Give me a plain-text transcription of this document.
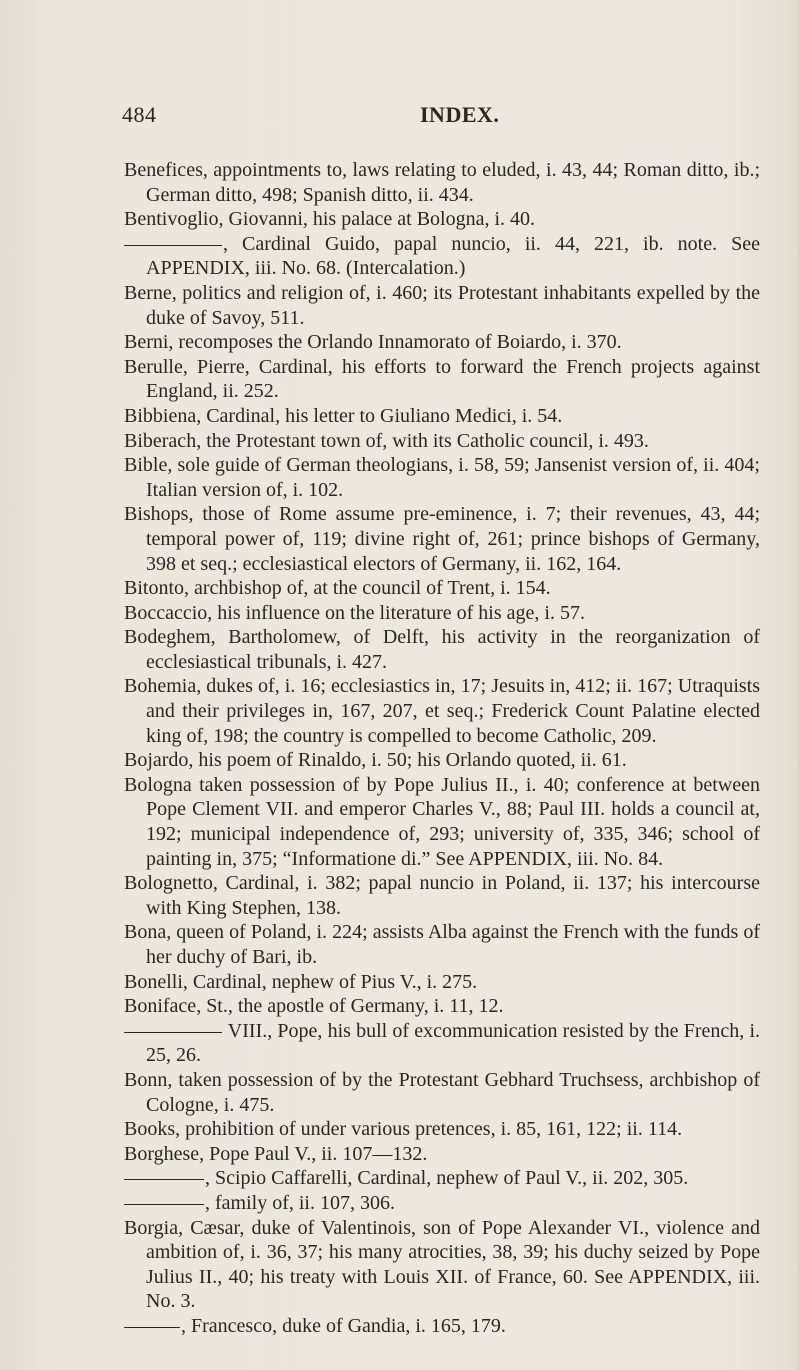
484	INDEX.

Benefices, appointments to, laws relating to eluded, i. 43, 44; Roman ditto, ib.; German ditto, 498; Spanish ditto, ii. 434.

Bentivoglio, Giovanni, his palace at Bologna, i. 40.

, Cardinal Guido, papal nuncio, ii. 44, 221, ib. note. See APPENDIX, iii. No. 68. (Intercalation.)

Berne, politics and religion of, i. 460; its Protestant inhabitants expelled by the duke of Savoy, 511.

Berni, recomposes the Orlando Innamorato of Boiardo, i. 370.

Berulle, Pierre, Cardinal, his efforts to forward the French projects against England, ii. 252.

Bibbiena, Cardinal, his letter to Giuliano Medici, i. 54.

Biberach, the Protestant town of, with its Catholic council, i. 493.

Bible, sole guide of German theologians, i. 58, 59; Jansenist version of, ii. 404; Italian version of, i. 102.

Bishops, those of Rome assume pre-eminence, i. 7; their revenues, 43, 44; temporal power of, 119; divine right of, 261; prince bishops of Germany, 398 et seq.; ecclesiastical electors of Germany, ii. 162, 164.

Bitonto, archbishop of, at the council of Trent, i. 154.

Boccaccio, his influence on the literature of his age, i. 57.

Bodeghem, Bartholomew, of Delft, his activity in the reorganization of ecclesiastical tribunals, i. 427.

Bohemia, dukes of, i. 16; ecclesiastics in, 17; Jesuits in, 412; ii. 167; Utraquists and their privileges in, 167, 207, et seq.; Frederick Count Palatine elected king of, 198; the country is compelled to become Catholic, 209.

Bojardo, his poem of Rinaldo, i. 50; his Orlando quoted, ii. 61.

Bologna taken possession of by Pope Julius II., i. 40; conference at between Pope Clement VII. and emperor Charles V., 88; Paul III. holds a council at, 192; municipal independence of, 293; university of, 335, 346; school of painting in, 375; “Informatione di.” See APPENDIX, iii. No. 84.

Bolognetto, Cardinal, i. 382; papal nuncio in Poland, ii. 137; his intercourse with King Stephen, 138.

Bona, queen of Poland, i. 224; assists Alba against the French with the funds of her duchy of Bari, ib.

Bonelli, Cardinal, nephew of Pius V., i. 275.

Boniface, St., the apostle of Germany, i. 11, 12.

VIII., Pope, his bull of excommunication resisted by the French, i. 25, 26.

Bonn, taken possession of by the Protestant Gebhard Truchsess, archbishop of Cologne, i. 475.

Books, prohibition of under various pretences, i. 85, 161, 122; ii. 114.

Borghese, Pope Paul V., ii. 107—132.

, Scipio Caffarelli, Cardinal, nephew of Paul V., ii. 202, 305.

, family of, ii. 107, 306.

Borgia, Cæsar, duke of Valentinois, son of Pope Alexander VI., violence and ambition of, i. 36, 37; his many atrocities, 38, 39; his duchy seized by Pope Julius II., 40; his treaty with Louis XII. of France, 60. See APPENDIX, iii. No. 3.

, Francesco, duke of Gandia, i. 165, 179.
